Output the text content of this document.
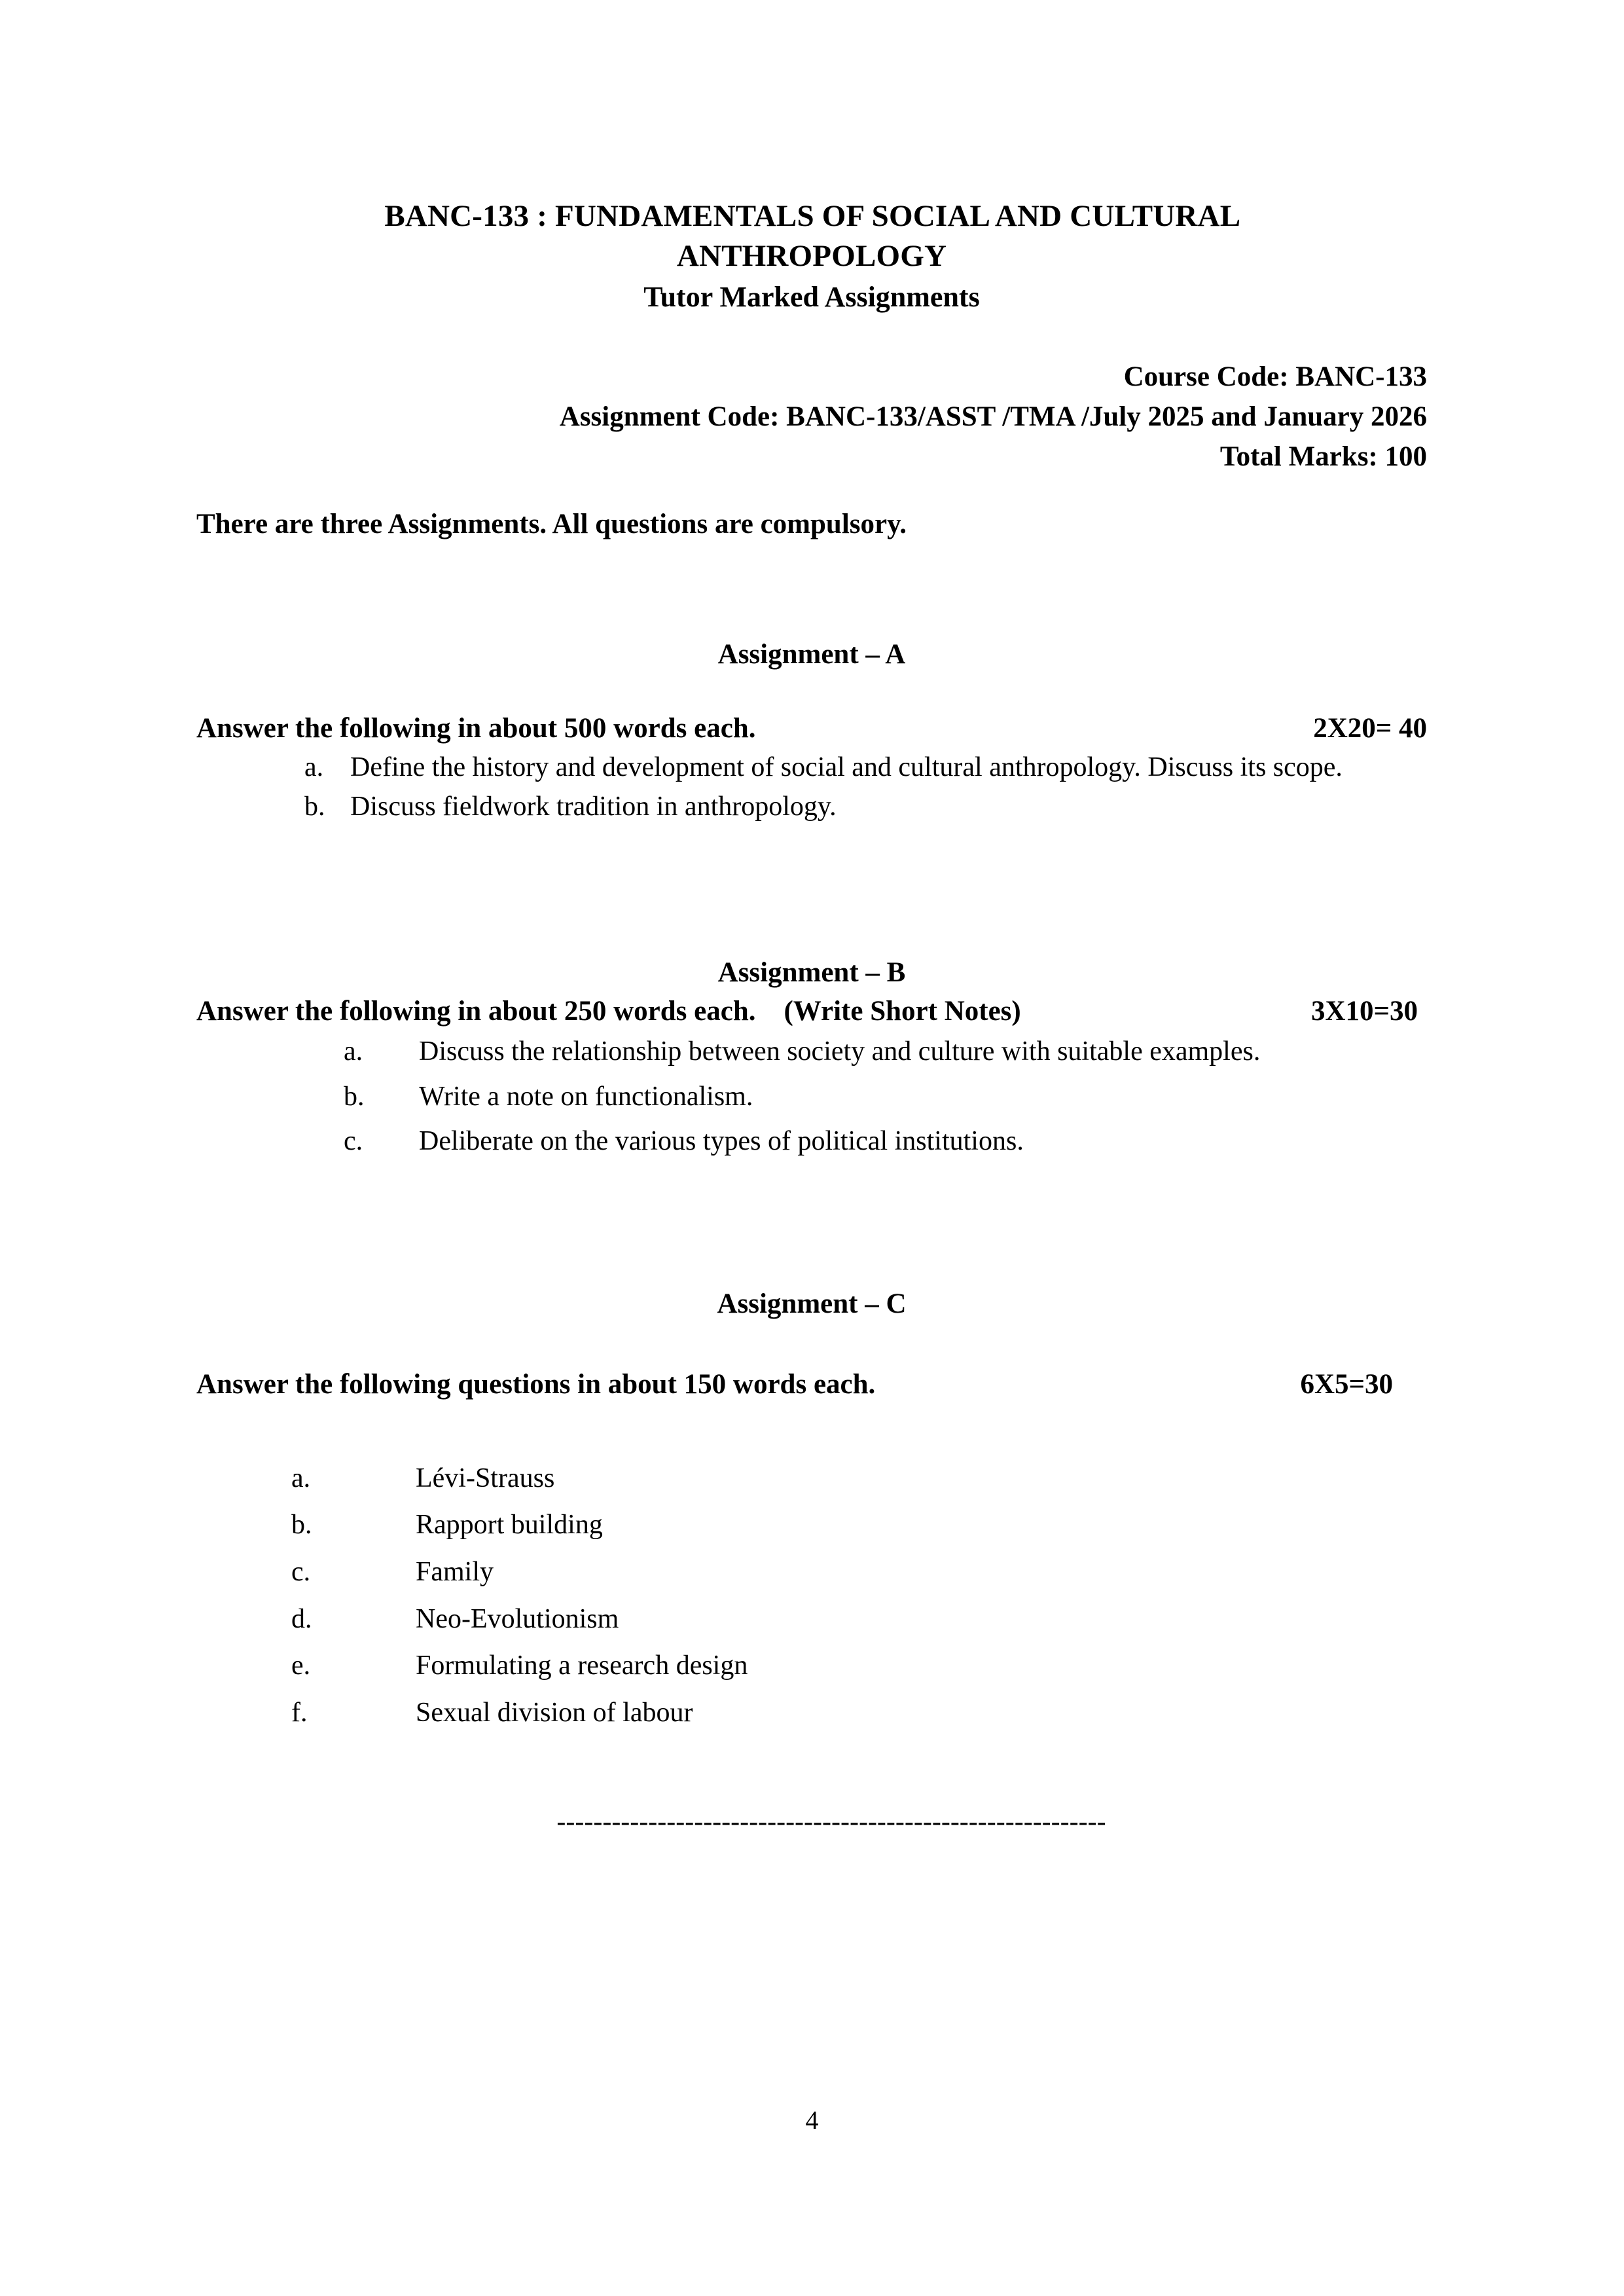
BANC-133 : FUNDAMENTALS OF SOCIAL AND CULTURAL ANTHROPOLOGY
Tutor Marked Assignments
Course Code: BANC-133
Assignment Code: BANC-133/ASST /TMA /July 2025 and January 2026
Total Marks: 100
There are three Assignments. All questions are compulsory.
Assignment – A
Answer the following in about 500 words each.	2X20= 40
a. Define the history and development of social and cultural anthropology. Discuss its scope.
b. Discuss fieldwork tradition in anthropology.
Assignment – B
Answer the following in about 250 words each.    (Write Short Notes)	3X10=30
a.	Discuss the relationship between society and culture with suitable examples.
b.	Write a note on functionalism.
c.	Deliberate on the various types of political institutions.
Assignment – C
Answer the following questions in about 150 words each.	6X5=30
a.	Lévi-Strauss
b.	Rapport building
c.	Family
d.	Neo-Evolutionism
e.	Formulating a research design
f.	Sexual division of labour
------------------------------------------------------------
4
